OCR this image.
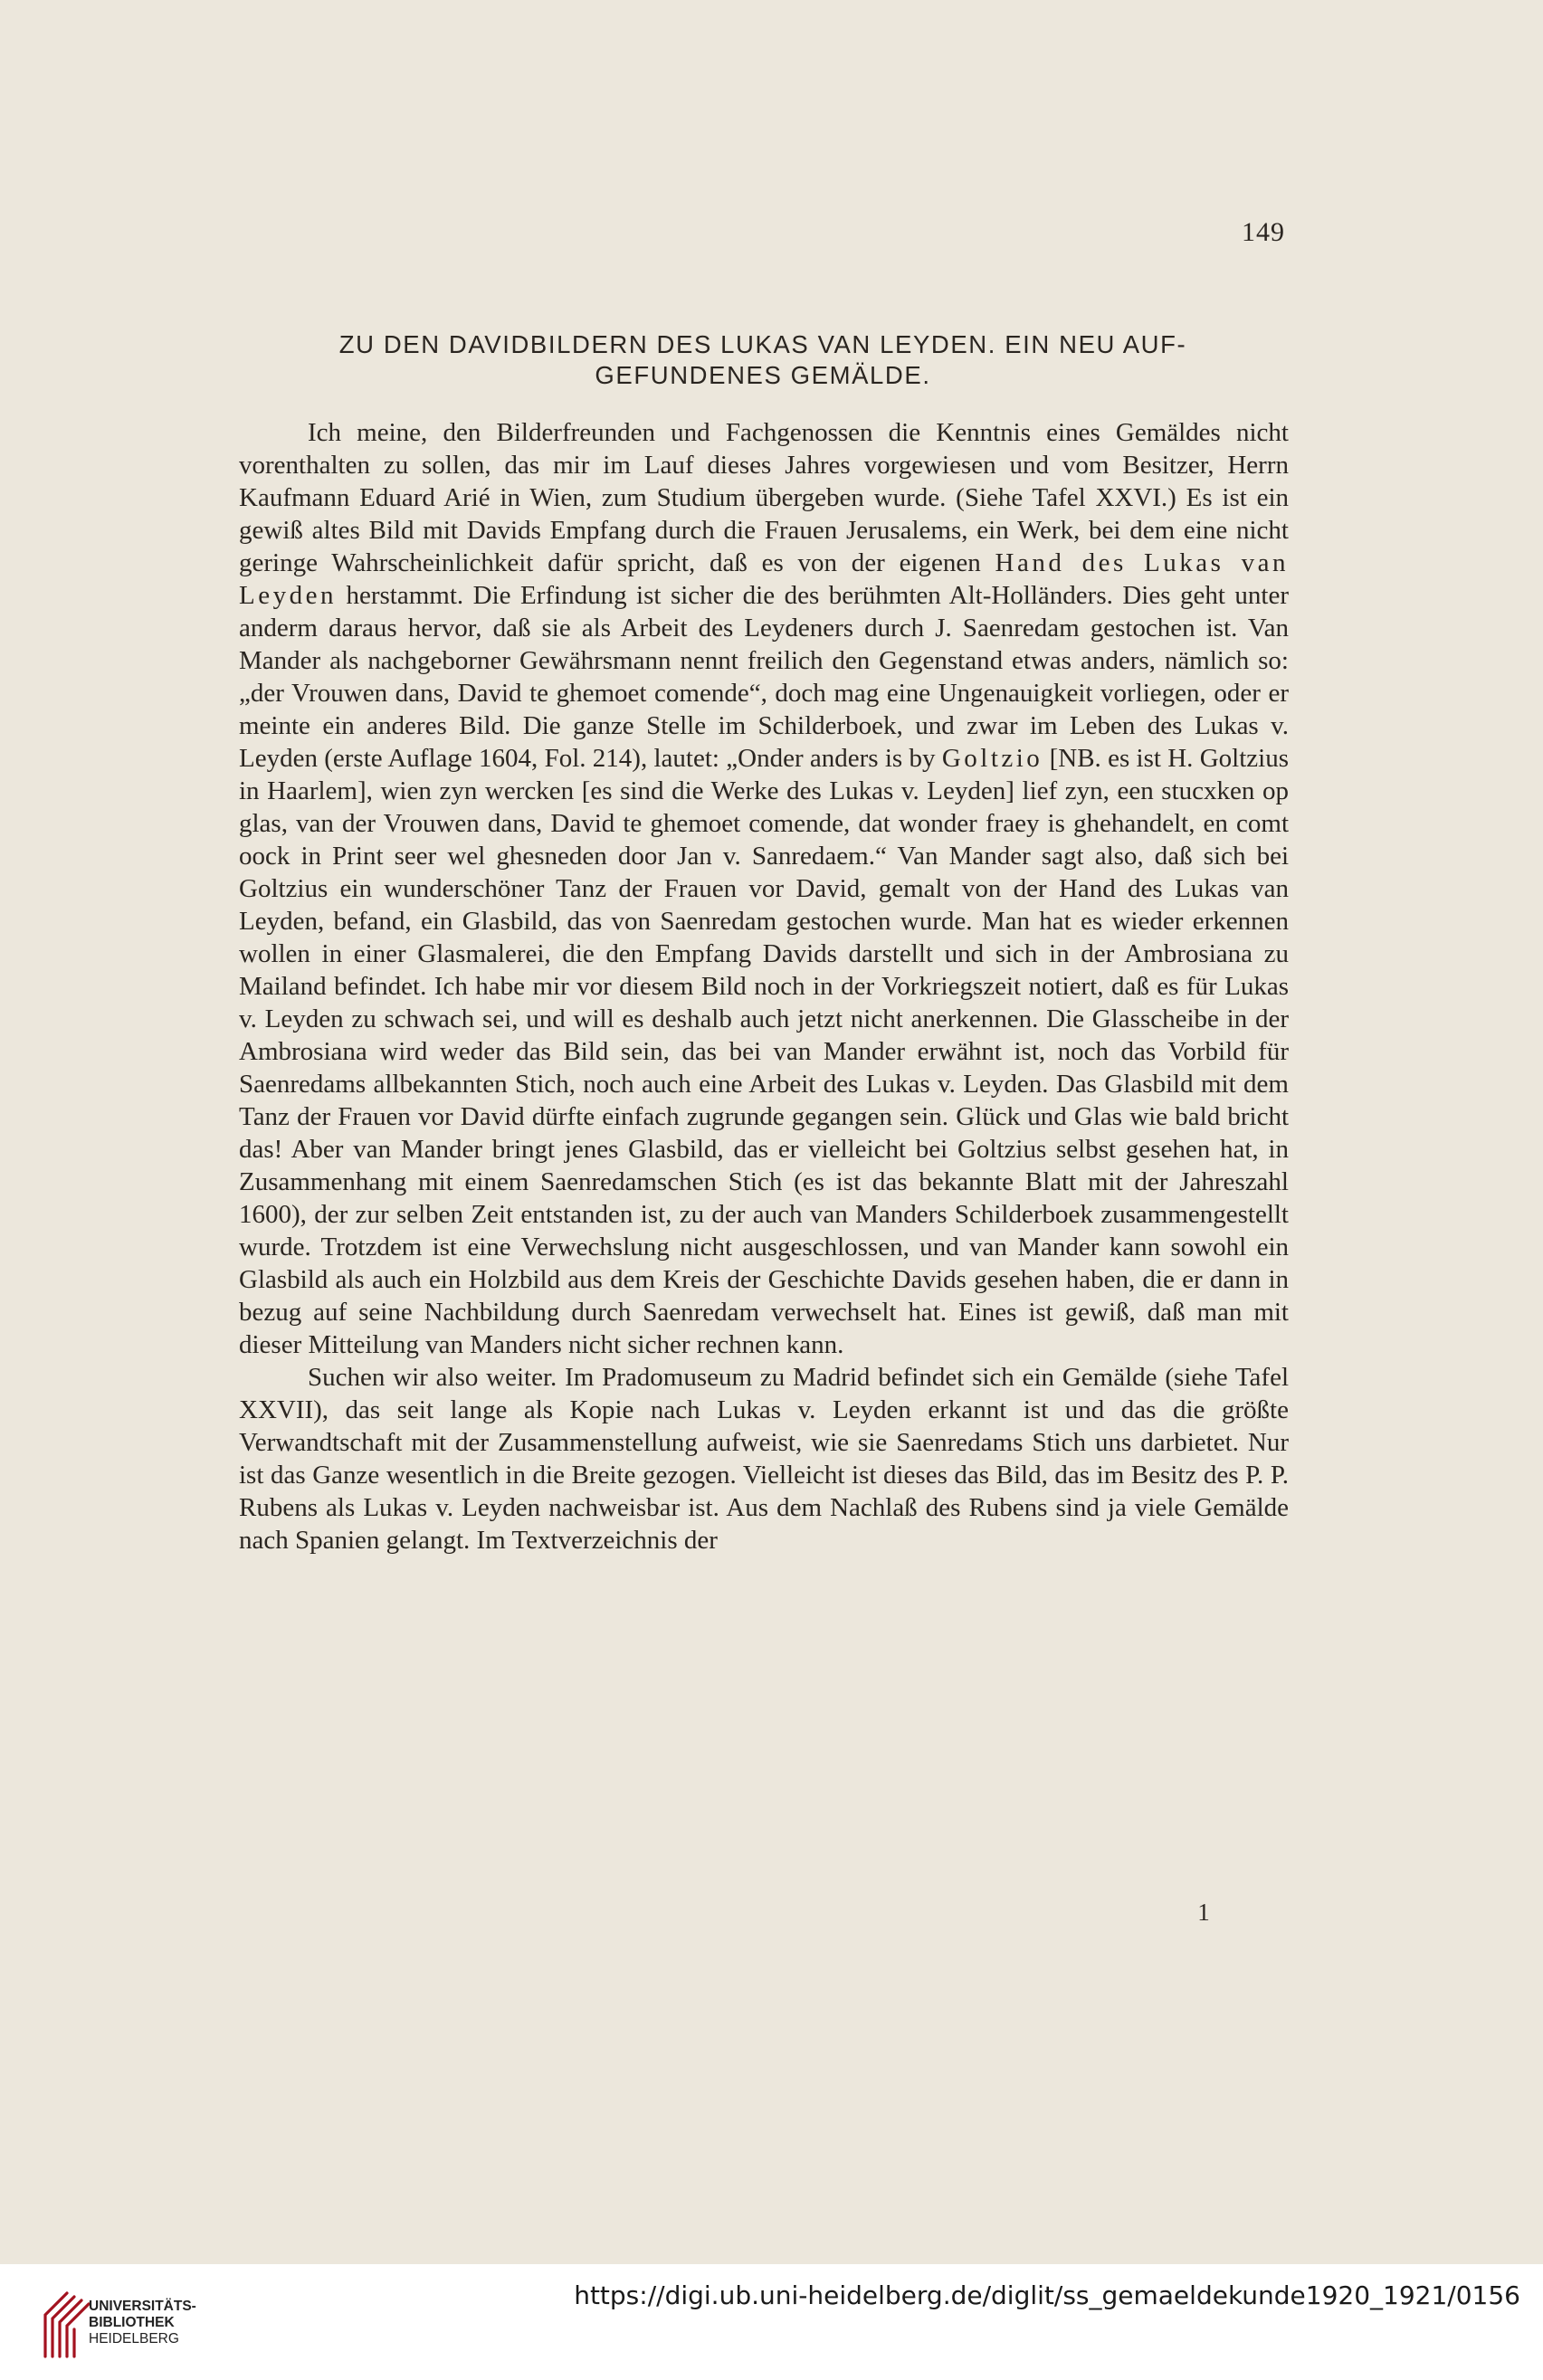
149
ZU DEN DAVIDBILDERN DES LUKAS VAN LEYDEN. EIN NEU AUF-
GEFUNDENES GEMÄLDE.

Ich meine, den Bilderfreunden und Fachgenossen die Kenntnis eines Gemäldes nicht vorenthalten zu sollen, das mir im Lauf dieses Jahres vorgewiesen und vom Besitzer, Herrn Kaufmann Eduard Arié in Wien, zum Studium übergeben wurde. (Siehe Tafel XXVI.) Es ist ein gewiß altes Bild mit Davids Empfang durch die Frauen Jerusalems, ein Werk, bei dem eine nicht geringe Wahrscheinlichkeit dafür spricht, daß es von der eigenen Hand des Lukas van Leyden herstammt. Die Erfindung ist sicher die des berühmten Alt-Holländers. Dies geht unter anderm daraus hervor, daß sie als Arbeit des Leydeners durch J. Saenredam gestochen ist. Van Mander als nachgeborner Gewährsmann nennt freilich den Gegenstand etwas anders, nämlich so: „der Vrouwen dans, David te ghemoet comende“, doch mag eine Ungenauigkeit vorliegen, oder er meinte ein anderes Bild. Die ganze Stelle im Schilderboek, und zwar im Leben des Lukas v. Leyden (erste Auflage 1604, Fol. 214), lautet: „Onder anders is by Goltzio [NB. es ist H. Goltzius in Haarlem], wien zyn wercken [es sind die Werke des Lukas v. Leyden] lief zyn, een stucxken op glas, van der Vrouwen dans, David te ghemoet comende, dat wonder fraey is ghehandelt, en comt oock in Print seer wel ghesneden door Jan v. Sanredaem.“ Van Mander sagt also, daß sich bei Goltzius ein wunderschöner Tanz der Frauen vor David, gemalt von der Hand des Lukas van Leyden, befand, ein Glasbild, das von Saenredam gestochen wurde. Man hat es wieder erkennen wollen in einer Glasmalerei, die den Empfang Davids darstellt und sich in der Ambrosiana zu Mailand befindet. Ich habe mir vor diesem Bild noch in der Vorkriegszeit notiert, daß es für Lukas v. Leyden zu schwach sei, und will es deshalb auch jetzt nicht anerkennen. Die Glasscheibe in der Ambrosiana wird weder das Bild sein, das bei van Mander erwähnt ist, noch das Vorbild für Saenredams allbekannten Stich, noch auch eine Arbeit des Lukas v. Leyden. Das Glasbild mit dem Tanz der Frauen vor David dürfte einfach zugrunde gegangen sein. Glück und Glas wie bald bricht das! Aber van Mander bringt jenes Glasbild, das er vielleicht bei Goltzius selbst gesehen hat, in Zusammenhang mit einem Saenredamschen Stich (es ist das bekannte Blatt mit der Jahreszahl 1600), der zur selben Zeit entstanden ist, zu der auch van Manders Schilderboek zusammengestellt wurde. Trotzdem ist eine Verwechslung nicht ausgeschlossen, und van Mander kann sowohl ein Glasbild als auch ein Holzbild aus dem Kreis der Geschichte Davids gesehen haben, die er dann in bezug auf seine Nachbildung durch Saenredam verwechselt hat. Eines ist gewiß, daß man mit dieser Mitteilung van Manders nicht sicher rechnen kann.

Suchen wir also weiter. Im Pradomuseum zu Madrid befindet sich ein Gemälde (siehe Tafel XXVII), das seit lange als Kopie nach Lukas v. Leyden erkannt ist und das die größte Verwandtschaft mit der Zusammenstellung aufweist, wie sie Saenredams Stich uns darbietet. Nur ist das Ganze wesentlich in die Breite gezogen. Vielleicht ist dieses das Bild, das im Besitz des P. P. Rubens als Lukas v. Leyden nachweisbar ist. Aus dem Nachlaß des Rubens sind ja viele Gemälde nach Spanien gelangt. Im Textverzeichnis der

1
UNIVERSITÄTS-
BIBLIOTHEK
HEIDELBERG
https://digi.ub.uni-heidelberg.de/diglit/ss_gemaeldekunde1920_1921/0156
